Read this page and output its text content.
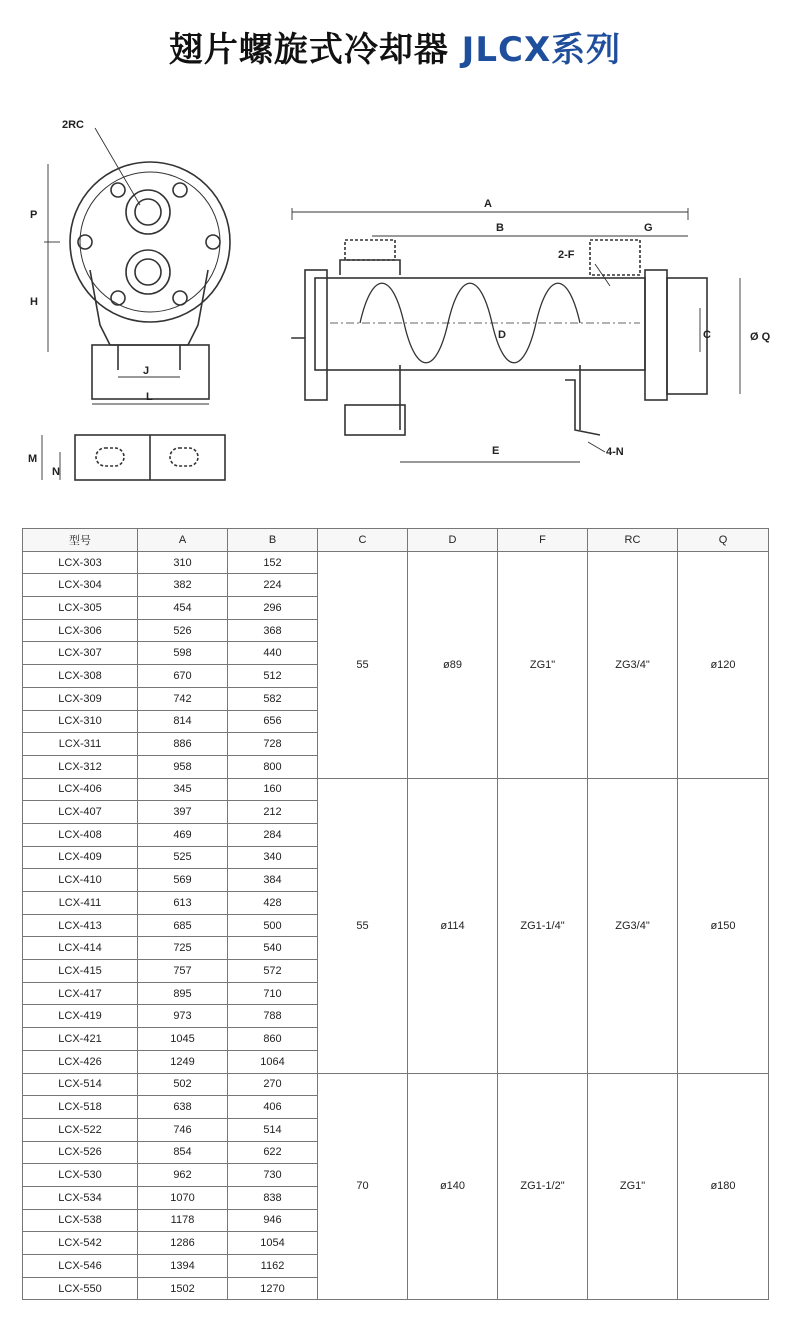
翅片螺旋式冷却器 JLCX系列
2RC
P
H
J
L
M
N
A
B	G
2-F
C
D	Ø Q
E	4-N
型号	A	B	C	D	F	RC	Q
LCX-303	310	152	55	ø89	ZG1"	ZG3/4"	ø120
LCX-304	382	224					
LCX-305	454	296					
LCX-306	526	368					
LCX-307	598	440					
LCX-308	670	512					
LCX-309	742	582					
LCX-310	814	656					
LCX-311	886	728					
LCX-312	958	800					
LCX-406	345	160	55	ø114	ZG1-1/4"	ZG3/4"	ø150
LCX-407	397	212					
LCX-408	469	284					
LCX-409	525	340					
LCX-410	569	384					
LCX-411	613	428					
LCX-413	685	500					
LCX-414	725	540					
LCX-415	757	572					
LCX-417	895	710					
LCX-419	973	788					
LCX-421	1045	860					
LCX-426	1249	1064					
LCX-514	502	270	70	ø140	ZG1-1/2"	ZG1"	ø180
LCX-518	638	406					
LCX-522	746	514					
LCX-526	854	622					
LCX-530	962	730					
LCX-534	1070	838					
LCX-538	1178	946					
LCX-542	1286	1054					
LCX-546	1394	1162					
LCX-550	1502	1270					
